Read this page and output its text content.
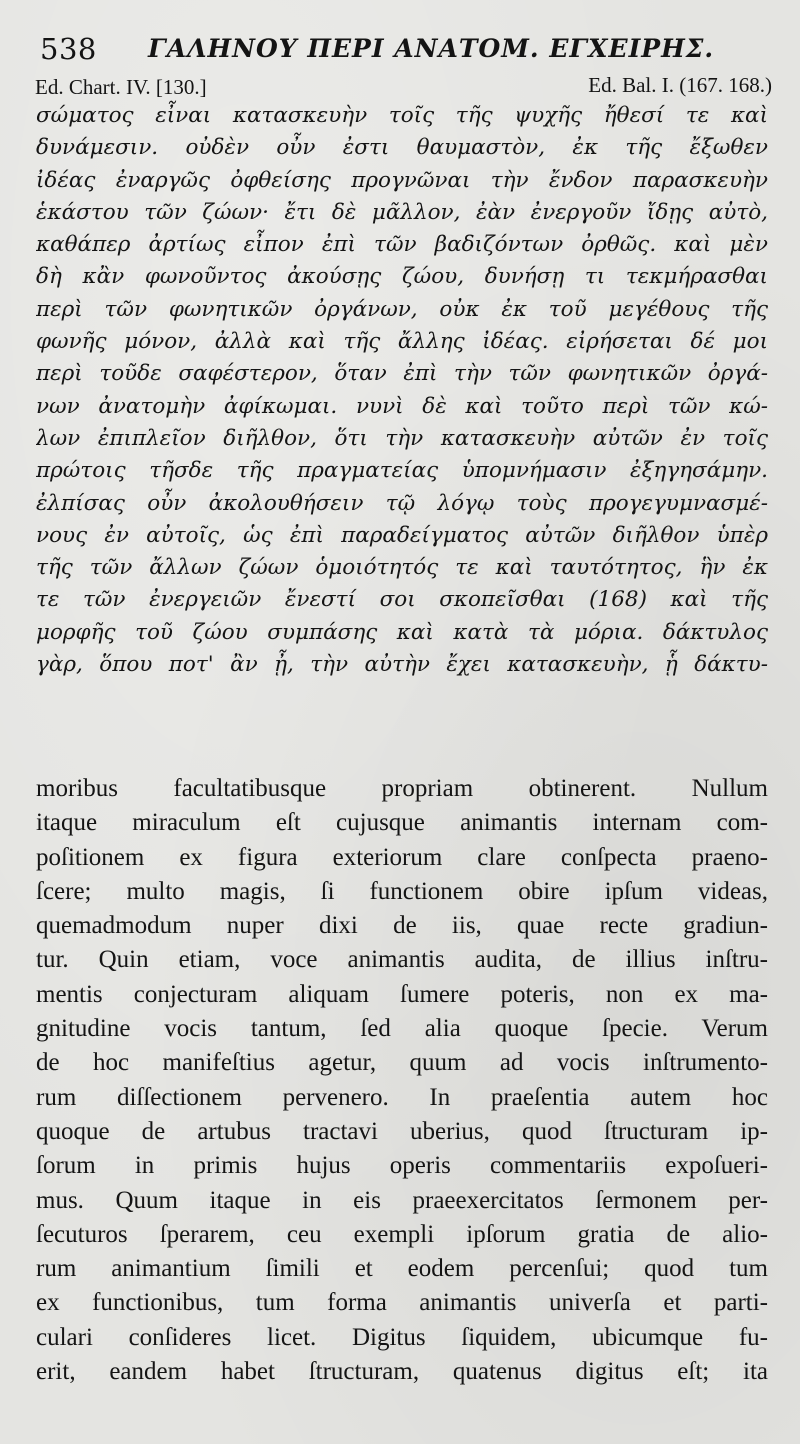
538 ΓΑΛΗΝΟΥ ΠΕΡΙ ΑΝΑΤΟΜ. ΕΓΧΕΙΡΗΣ.
Ed. Chart. IV. [130.]	Ed. Bal. I. (167. 168.)
σώματος εἶναι κατασκευὴν τοῖς τῆς ψυχῆς ἤθεσί τε καὶ
δυνάμεσιν. οὐδὲν οὖν ἐστι θαυμαστὸν, ἐκ τῆς ἔξωθεν
ἰδέας ἐναργῶς ὀφθείσης προγνῶναι τὴν ἔνδον παρασκευὴν
ἑκάστου τῶν ζώων· ἔτι δὲ μᾶλλον, ἐὰν ἐνεργοῦν ἴδῃς αὐτὸ,
καθάπερ ἀρτίως εἶπον ἐπὶ τῶν βαδιζόντων ὀρθῶς. καὶ μὲν
δὴ κἂν φωνοῦντος ἀκούσῃς ζώου, δυνήσῃ τι τεκμήρασθαι
περὶ τῶν φωνητικῶν ὀργάνων, οὐκ ἐκ τοῦ μεγέθους τῆς
φωνῆς μόνον, ἀλλὰ καὶ τῆς ἄλλης ἰδέας. εἰρήσεται δέ μοι
περὶ τοῦδε σαφέστερον, ὅταν ἐπὶ τὴν τῶν φωνητικῶν ὀργά-
νων ἀνατομὴν ἀφίκωμαι. νυνὶ δὲ καὶ τοῦτο περὶ τῶν κώ-
λων ἐπιπλεῖον διῆλθον, ὅτι τὴν κατασκευὴν αὐτῶν ἐν τοῖς
πρώτοις τῆσδε τῆς πραγματείας ὑπομνήμασιν ἐξηγησάμην.
ἐλπίσας οὖν ἀκολουθήσειν τῷ λόγῳ τοὺς προγεγυμνασμέ-
νους ἐν αὐτοῖς, ὡς ἐπὶ παραδείγματος αὐτῶν διῆλθον ὑπὲρ
τῆς τῶν ἄλλων ζώων ὁμοιότητός τε καὶ ταυτότητος, ἣν ἐκ
τε τῶν ἐνεργειῶν ἔνεστί σοι σκοπεῖσθαι (168) καὶ τῆς
μορφῆς τοῦ ζώου συμπάσης καὶ κατὰ τὰ μόρια. δάκτυλος
γὰρ, ὅπου ποτ' ἂν ᾖ, τὴν αὐτὴν ἔχει κατασκευὴν, ᾗ δάκτυ-
moribus facultatibusque propriam obtinerent. Nullum
itaque miraculum eſt cujusque animantis internam com-
poſitionem ex figura exteriorum clare conſpecta praeno-
ſcere; multo magis, ſi functionem obire ipſum videas,
quemadmodum nuper dixi de iis, quae recte gradiun-
tur. Quin etiam, voce animantis audita, de illius inſtru-
mentis conjecturam aliquam ſumere poteris, non ex ma-
gnitudine vocis tantum, ſed alia quoque ſpecie. Verum
de hoc manifeſtius agetur, quum ad vocis inſtrumento-
rum diſſectionem pervenero. In praeſentia autem hoc
quoque de artubus tractavi uberius, quod ſtructuram ip-
ſorum in primis hujus operis commentariis expoſueri-
mus. Quum itaque in eis praeexercitatos ſermonem per-
ſecuturos ſperarem, ceu exempli ipſorum gratia de alio-
rum animantium ſimili et eodem percenſui; quod tum
ex functionibus, tum forma animantis univerſa et parti-
culari conſideres licet. Digitus ſiquidem, ubicumque fu-
erit, eandem habet ſtructuram, quatenus digitus eſt; ita
